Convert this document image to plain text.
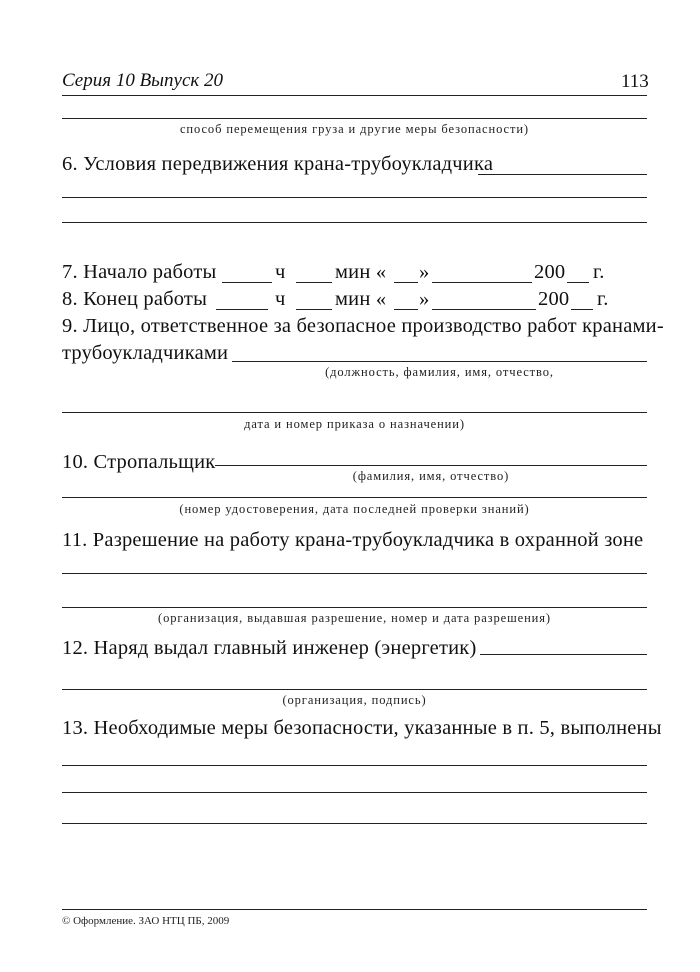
Серия 10 Выпуск 20	113
способ перемещения груза и другие меры безопасности)
6. Условия передвижения крана-трубоукладчика
7. Начало работы	ч мин « »	200 г.
8. Конец работы	ч мин « »	200 г.
9. Лицо, ответственное за безопасное производство работ кранами-
трубоукладчиками
(должность, фамилия, имя, отчество,
дата и номер приказа о назначении)
10. Стропальщик
(фамилия, имя, отчество)
(номер удостоверения, дата последней проверки знаний)
11. Разрешение на работу крана-трубоукладчика в охранной зоне
(организация, выдавшая разрешение, номер и дата разрешения)
12. Наряд выдал главный инженер (энергетик)
(организация, подпись)
13. Необходимые меры безопасности, указанные в п. 5, выполнены
© Оформление. ЗАО НТЦ ПБ, 2009
